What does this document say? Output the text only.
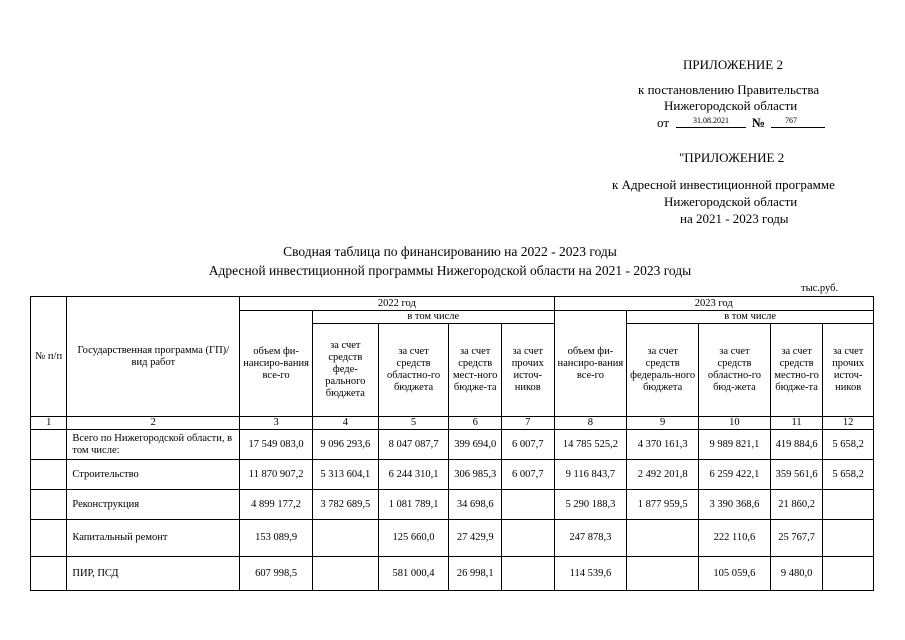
ПРИЛОЖЕНИЕ 2
к постановлению Правительства
Нижегородской области
от	31.08.2021	№	767
"ПРИЛОЖЕНИЕ 2
к Адресной инвестиционной программе
Нижегородской области
на 2021 - 2023 годы
Сводная таблица по финансированию на 2022 - 2023 годы
Адресной инвестиционной программы Нижегородской области на 2021 - 2023 годы
тыс.руб.
№ п/п	Государственная программа (ГП)/ вид работ	2022 год					2023 год				
		объем фи-нансиро-вания все-го	в том числе				объем фи-нансиро-вания все-го	в том числе			
			за счет средств феде-рального бюджета	за счет средств областно-го бюджета	за счет средств мест-ного бюдже-та	за счет прочих источ-ников		за счет средств федераль-ного бюджета	за счет средств областно-го бюд-жета	за счет средств местно-го бюдже-та	за счет прочих источ-ников
1	2	3	4	5	6	7	8	9	10	11	12
	Всего по Нижегородской области, в том числе:	17 549 083,0	9 096 293,6	8 047 087,7	399 694,0	6 007,7	14 785 525,2	4 370 161,3	9 989 821,1	419 884,6	5 658,2
	Строительство	11 870 907,2	5 313 604,1	6 244 310,1	306 985,3	6 007,7	9 116 843,7	2 492 201,8	6 259 422,1	359 561,6	5 658,2
	Реконструкция	4 899 177,2	3 782 689,5	1 081 789,1	34 698,6		5 290 188,3	1 877 959,5	3 390 368,6	21 860,2	
	Капитальный ремонт	153 089,9		125 660,0	27 429,9		247 878,3		222 110,6	25 767,7	
	ПИР, ПСД	607 998,5		581 000,4	26 998,1		114 539,6		105 059,6	9 480,0	
